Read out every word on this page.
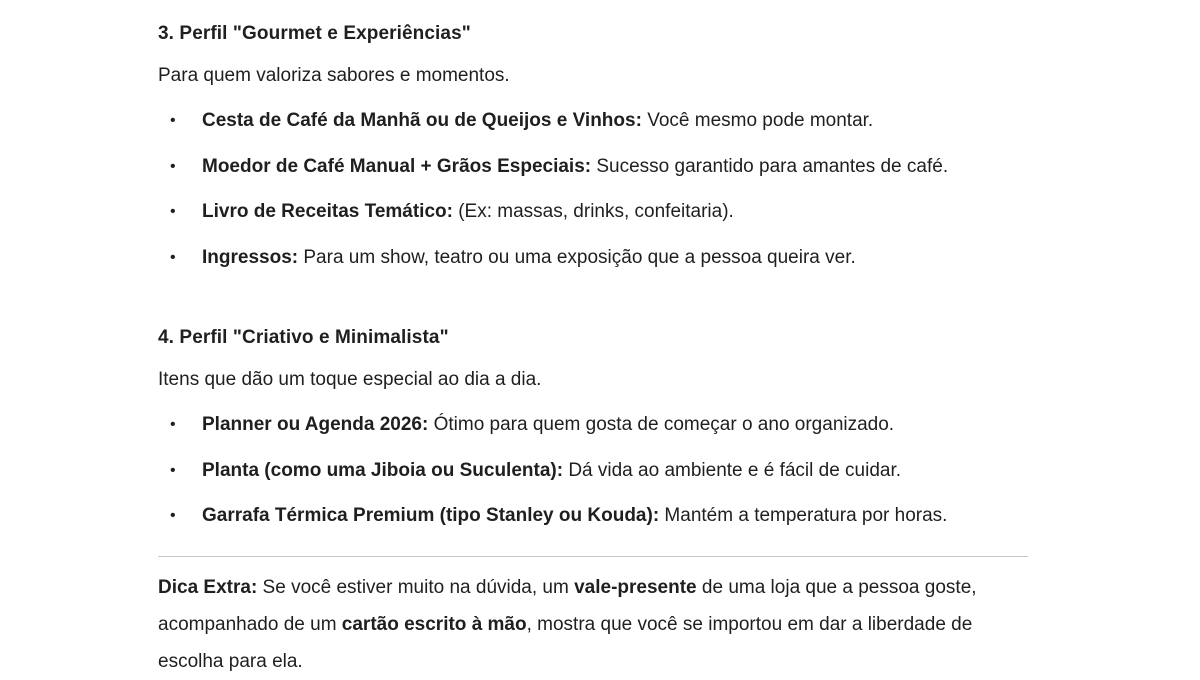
3. Perfil "Gourmet e Experiências"

Para quem valoriza sabores e momentos.

• Cesta de Café da Manhã ou de Queijos e Vinhos: Você mesmo pode montar.
• Moedor de Café Manual + Grãos Especiais: Sucesso garantido para amantes de café.
• Livro de Receitas Temático: (Ex: massas, drinks, confeitaria).
• Ingressos: Para um show, teatro ou uma exposição que a pessoa queira ver.
4. Perfil "Criativo e Minimalista"

Itens que dão um toque especial ao dia a dia.

• Planner ou Agenda 2026: Ótimo para quem gosta de começar o ano organizado.
• Planta (como uma Jiboia ou Suculenta): Dá vida ao ambiente e é fácil de cuidar.
• Garrafa Térmica Premium (tipo Stanley ou Kouda): Mantém a temperatura por horas.

Dica Extra: Se você estiver muito na dúvida, um vale-presente de uma loja que a pessoa goste, acompanhado de um cartão escrito à mão, mostra que você se importou em dar a liberdade de escolha para ela.
